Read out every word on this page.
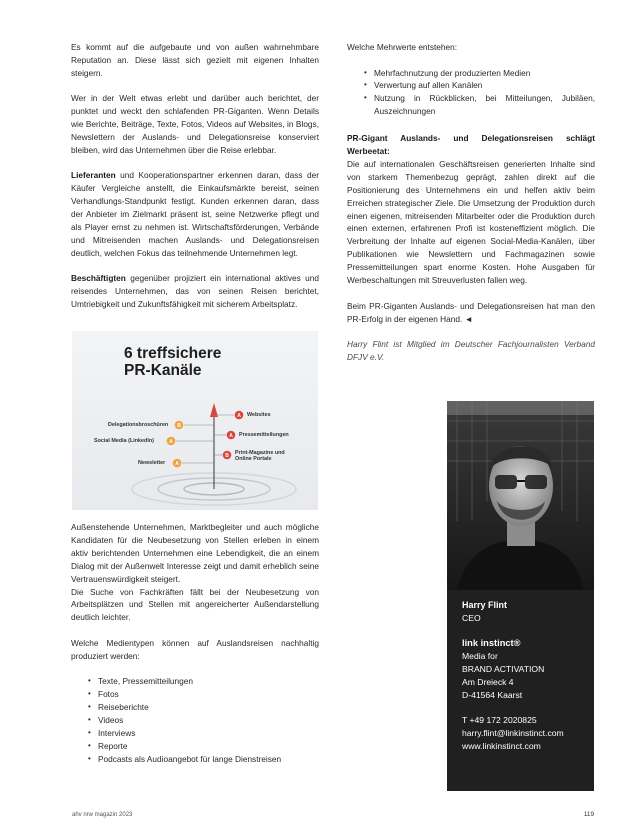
Es kommt auf die aufgebaute und von außen wahrnehmbare Reputation an. Diese lässt sich gezielt mit eigenen Inhalten steigern.

Wer in der Welt etwas erlebt und darüber auch berichtet, der punktet und weckt den schlafenden PR-Giganten. Wenn Details wie Berichte, Beiträge, Texte, Fotos, Videos auf Websites, in Blogs, Newslettern der Auslands- und Delegationsreise konserviert bleiben, wird das Unternehmen über die Reise erlebbar.

Lieferanten und Kooperationspartner erkennen daran, dass der Käufer Vergleiche anstellt, die Einkaufsmärkte bereist, seinen Verhandlungs-Standpunkt festigt. Kunden erkennen daran, dass der Anbieter im Zielmarkt präsent ist, seine Netzwerke pflegt und als Player ernst zu nehmen ist. Wirtschaftsförderungen, Verbände und Mitreisenden machen Auslands- und Delegationsreisen deutlich, welchen Fokus das teilnehmende Unternehmen legt.

Beschäftigten gegenüber projiziert ein international aktives und reisendes Unternehmen, das von seinen Reisen berichtet, Umtriebigkeit und Zukunftsfähigkeit mit sicherem Arbeitsplatz.

A
A
B
B
A
A
6 treffsichere
PR-Kanäle
Websites
Pressemitteilungen
Print-Magazine und Online Portale
Delegationsbroschüren
Social Media (LinkedIn)
Newsletter

Außenstehende Unternehmen, Marktbegleiter und auch mögliche Kandidaten für die Neubesetzung von Stellen erleben in einem aktiv berichtenden Unternehmen eine Lebendigkeit, die an einem Dialog mit der Außenwelt Interesse zeigt und damit erheblich seine Vertrauenswürdigkeit steigert.

Die Suche von Fachkräften fällt bei der Neubesetzung von Arbeitsplätzen und Stellen mit angereicherter Außendarstellung deutlich leichter.

Welche Medientypen können auf Auslandsreisen nachhaltig produziert werden:

• Texte, Pressemitteilungen
• Fotos
• Reiseberichte
• Videos
• Interviews
• Reporte
• Podcasts als Audioangebot für lange Dienstreisen

Welche Mehrwerte entstehen:

• Mehrfachnutzung der produzierten Medien
• Verwertung auf allen Kanälen
• Nutzung in Rückblicken, bei Mitteilungen, Jubiläen, Auszeichnungen
PR-Gigant Auslands- und Delegationsreisen schlägt Werbeetat:

Die auf internationalen Geschäftsreisen generierten Inhalte sind von starkem Themenbezug geprägt, zahlen direkt auf die Positionierung des Unternehmens ein und helfen aktiv beim Erreichen strategischer Ziele. Die Umsetzung der Produktion durch einen eigenen, mitreisenden Mitarbeiter oder die Produktion durch einen externen, erfahrenen Profi ist kosteneffizient möglich. Die Verbreitung der Inhalte auf eigenen Social-Media-Kanälen, über Publikationen wie Newslettern und Fachmagazinen sowie Pressemitteilungen spart enorme Kosten. Hohe Ausgaben für Werbeschaltungen mit Streuverlusten fallen weg.

Beim PR-Giganten Auslands- und Delegationsreisen hat man den PR-Erfolg in der eigenen Hand. ◄

Harry Flint ist Mitglied im Deutscher Fachjournalisten Verband DFJV e.V.

Harry Flint
CEO
link instinct®
Media for
BRAND ACTIVATION
Am Dreieck 4
D-41564 Kaarst
T +49 172 2020825
harry.flint@linkinstinct.com
www.linkinstinct.com
ahv nrw magazin 2023	119
